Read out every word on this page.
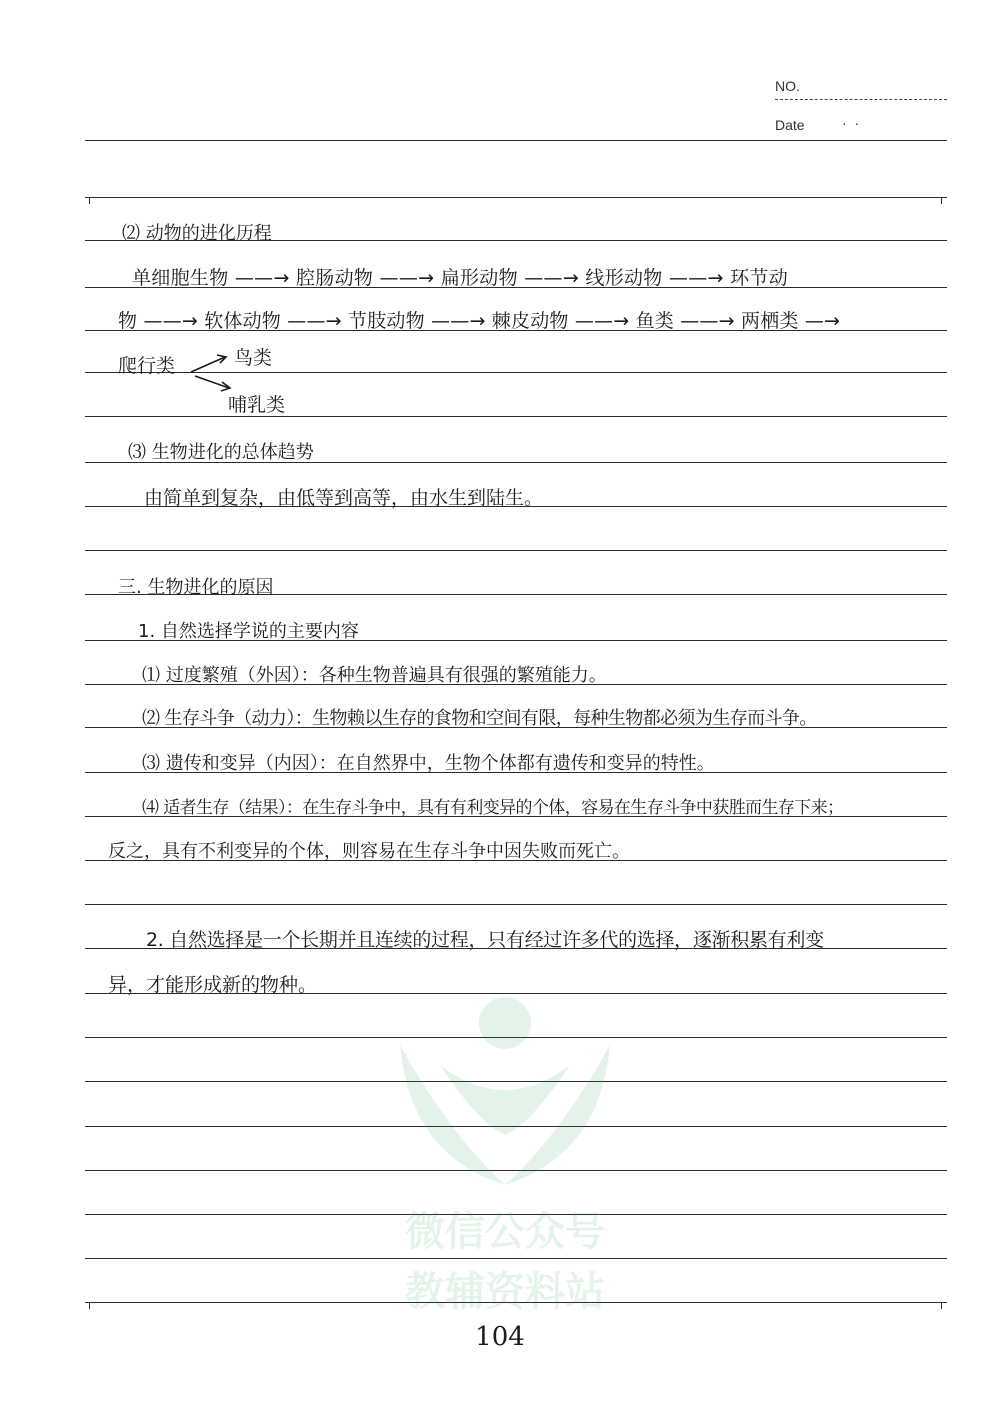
NO.
Date	· ·
⑵ 动物的进化历程
单细胞生物 ——→ 腔肠动物 ——→ 扁形动物 ——→ 线形动物 ——→ 环节动
物 ——→ 软体动物 ——→ 节肢动物 ——→ 棘皮动物 ——→ 鱼类 ——→ 两栖类 —→
爬行类	鸟类
哺乳类
⑶ 生物进化的总体趋势
由简单到复杂，由低等到高等，由水生到陆生。
三. 生物进化的原因
1. 自然选择学说的主要内容
⑴ 过度繁殖（外因）：各种生物普遍具有很强的繁殖能力。
⑵ 生存斗争（动力）：生物赖以生存的食物和空间有限，每种生物都必须为生存而斗争。
⑶ 遗传和变异（内因）：在自然界中，生物个体都有遗传和变异的特性。
⑷ 适者生存（结果）：在生存斗争中，具有有利变异的个体，容易在生存斗争中获胜而生存下来；
反之，具有不利变异的个体，则容易在生存斗争中因失败而死亡。
2. 自然选择是一个长期并且连续的过程，只有经过许多代的选择，逐渐积累有利变
异，才能形成新的物种。
微信公众号
教辅资料站
104
